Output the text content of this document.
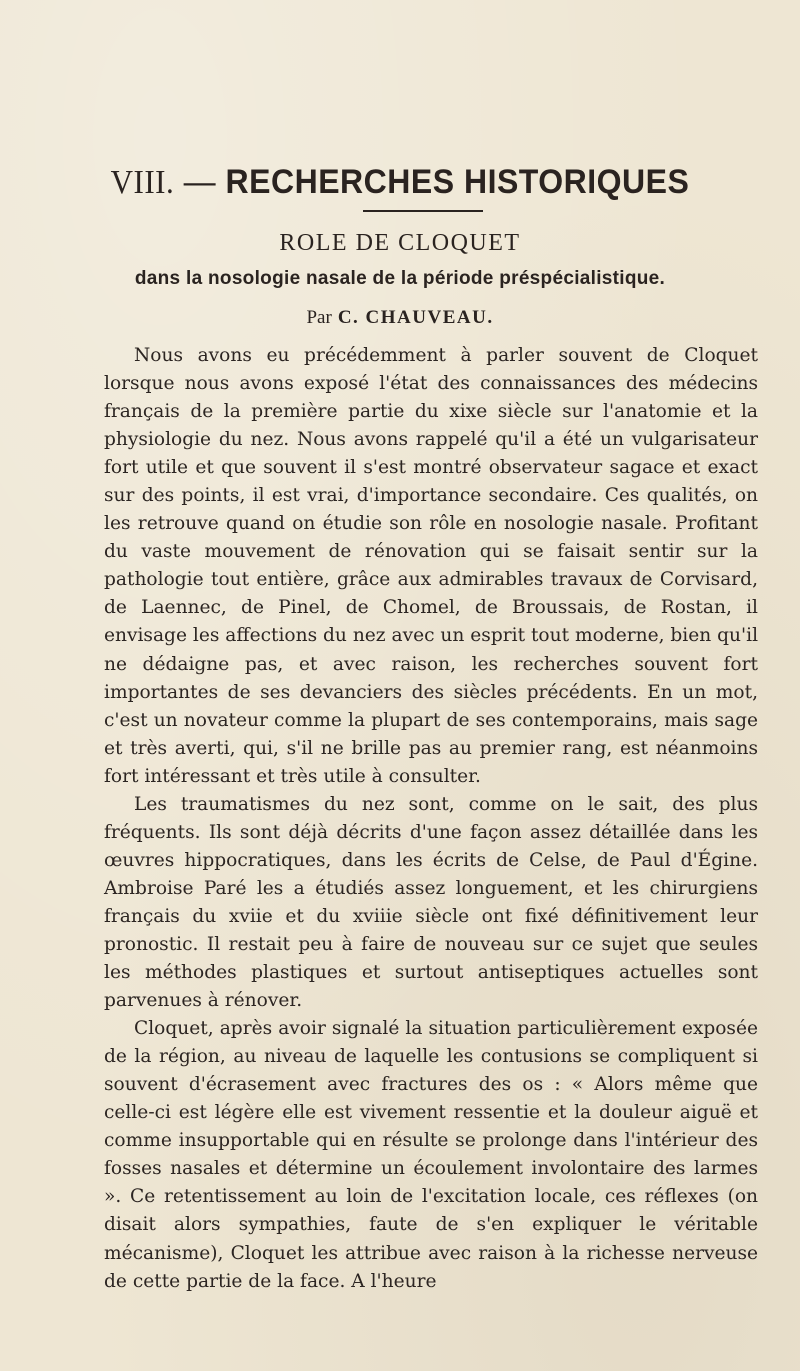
VIII. — RECHERCHES HISTORIQUES
ROLE DE CLOQUET
dans la nosologie nasale de la période préspécialistique.
Par C. CHAUVEAU.

Nous avons eu précédemment à parler souvent de Cloquet lorsque nous avons exposé l'état des connaissances des médecins français de la première partie du xixe siècle sur l'anatomie et la physiologie du nez. Nous avons rappelé qu'il a été un vulgarisateur fort utile et que souvent il s'est montré observateur sagace et exact sur des points, il est vrai, d'importance secondaire. Ces qualités, on les retrouve quand on étudie son rôle en nosologie nasale. Profitant du vaste mouvement de rénovation qui se faisait sentir sur la pathologie tout entière, grâce aux admirables travaux de Corvisard, de Laennec, de Pinel, de Chomel, de Broussais, de Rostan, il envisage les affections du nez avec un esprit tout moderne, bien qu'il ne dédaigne pas, et avec raison, les recherches souvent fort importantes de ses devanciers des siècles précédents. En un mot, c'est un novateur comme la plupart de ses contemporains, mais sage et très averti, qui, s'il ne brille pas au premier rang, est néanmoins fort intéressant et très utile à consulter.

Les traumatismes du nez sont, comme on le sait, des plus fréquents. Ils sont déjà décrits d'une façon assez détaillée dans les œuvres hippocratiques, dans les écrits de Celse, de Paul d'Égine. Ambroise Paré les a étudiés assez longuement, et les chirurgiens français du xviie et du xviiie siècle ont fixé définitivement leur pronostic. Il restait peu à faire de nouveau sur ce sujet que seules les méthodes plastiques et surtout antiseptiques actuelles sont parvenues à rénover.

Cloquet, après avoir signalé la situation particulièrement exposée de la région, au niveau de laquelle les contusions se compliquent si souvent d'écrasement avec fractures des os : « Alors même que celle-ci est légère elle est vivement ressentie et la douleur aiguë et comme insupportable qui en résulte se prolonge dans l'intérieur des fosses nasales et détermine un écoulement involontaire des larmes ». Ce retentissement au loin de l'excitation locale, ces réflexes (on disait alors sympathies, faute de s'en expliquer le véritable mécanisme), Cloquet les attribue avec raison à la richesse nerveuse de cette partie de la face. A l'heure
